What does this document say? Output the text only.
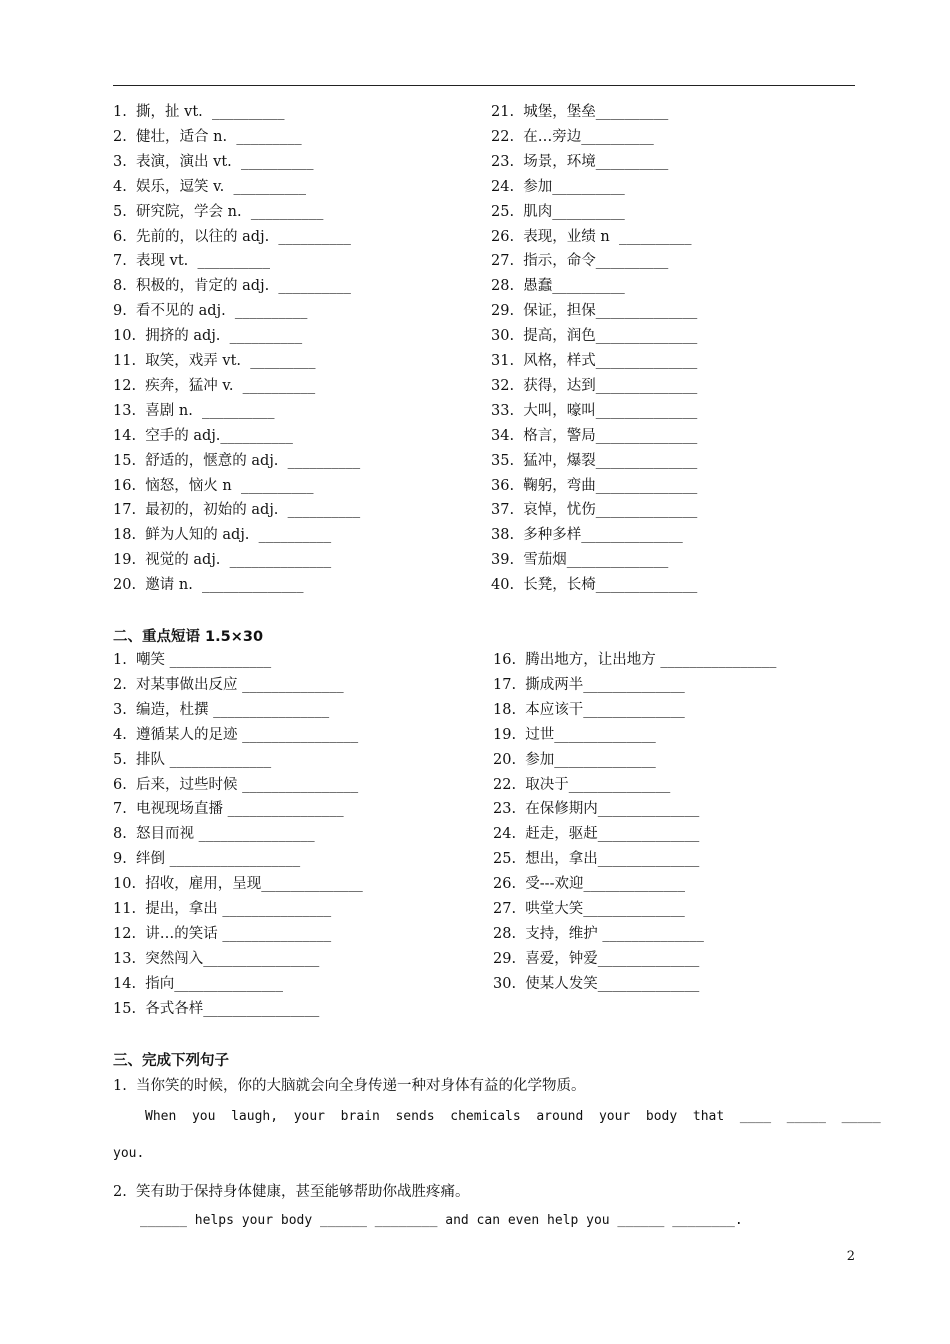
1.  撕，扯 vt.  __________
2.  健壮，适合 n.  _________
3.  表演，演出 vt.  __________
4.  娱乐，逗笑 v.  __________
5.  研究院，学会 n.  __________
6.  先前的，以往的 adj.  __________
7.  表现 vt.  __________
8.  积极的，肯定的 adj.  __________
9.  看不见的 adj.  __________
10.  拥挤的 adj.  __________
11.  取笑，戏弄 vt.  _________
12.  疾奔，猛冲 v.  __________
13.  喜剧 n.  __________
14.  空手的 adj.__________
15.  舒适的，惬意的 adj.  __________
16.  恼怒，恼火 n  __________
17.  最初的，初始的 adj.  __________
18.  鲜为人知的 adj.  __________
19.  视觉的 adj.  ______________
20.  邀请 n.  ______________
21.  城堡，堡垒__________
22.  在…旁边__________
23.  场景，环境__________
24.  参加__________
25.  肌肉__________
26.  表现，业绩 n  __________
27.  指示，命令__________
28.  愚蠢__________
29.  保证，担保______________
30.  提高，润色______________
31.  风格，样式______________
32.  获得，达到______________
33.  大叫，嚎叫______________
34.  格言，警局______________
35.  猛冲，爆裂______________
36.  鞠躬，弯曲______________
37.  哀悼，忧伤______________
38.  多种多样______________
39.  雪茄烟______________
40.  长凳，长椅______________
二、重点短语 1.5×30
1.  嘲笑 ______________
2.  对某事做出反应 ______________
3.  编造，杜撰 ________________
4.  遵循某人的足迹 ________________
5.  排队 ______________
6.  后来，过些时候 ________________
7.  电视现场直播 ________________
8.  怒目而视 ________________
9.  绊倒 __________________
10.  招收，雇用，呈现______________
11.  提出，拿出 _______________
12.  讲…的笑话 _______________
13.  突然闯入________________
14.  指向_______________
15.  各式各样________________
16.  腾出地方，让出地方 ________________
17.  撕成两半______________
18.  本应该干______________
19.  过世______________
20.  参加______________
22.  取决于______________
23.  在保修期内______________
24.  赶走，驱赶______________
25.  想出，拿出______________
26.  受---欢迎______________
27.  哄堂大笑______________
28.  支持，维护 ______________
29.  喜爱，钟爱______________
30.  使某人发笑______________
三、完成下列句子
1.  当你笑的时候，你的大脑就会向全身传递一种对身体有益的化学物质。
When  you  laugh,  your  brain  sends  chemicals  around  your  body  that  ____  _____  _____
you.
2.  笑有助于保持身体健康，甚至能够帮助你战胜疼痛。
______ helps your body ______ ________ and can even help you ______ ________.
2
